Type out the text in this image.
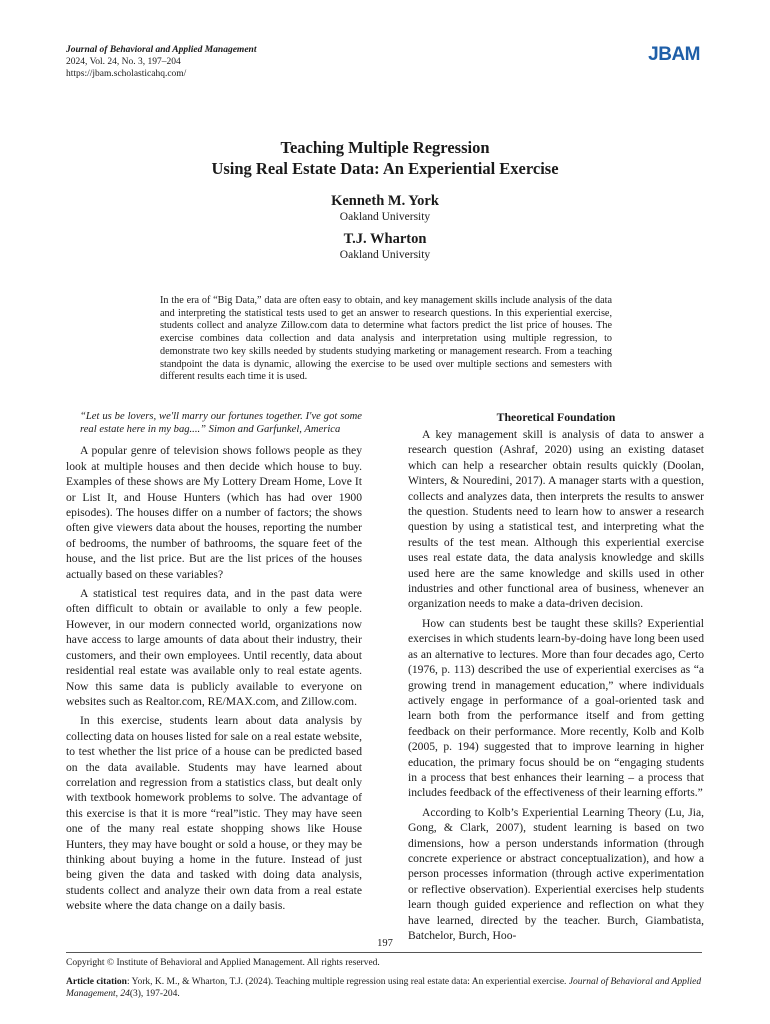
Journal of Behavioral and Applied Management
2024, Vol. 24, No. 3, 197–204
https://jbam.scholasticahq.com/
JBAM
Teaching Multiple Regression
Using Real Estate Data: An Experiential Exercise
Kenneth M. York
Oakland University
T.J. Wharton
Oakland University
In the era of “Big Data,” data are often easy to obtain, and key management skills include analysis of the data and interpreting the statistical tests used to get an answer to research questions. In this experiential exercise, students collect and analyze Zillow.com data to determine what factors predict the list price of houses. The exercise combines data collection and data analysis and interpretation using multiple regression, to demonstrate two key skills needed by students studying marketing or management research. From a teaching standpoint the data is dynamic, allowing the exercise to be used over multiple sections and semesters with different results each time it is used.
“Let us be lovers, we'll marry our fortunes together. I've got some real estate here in my bag....” Simon and Garfunkel, America

A popular genre of television shows follows people as they look at multiple houses and then decide which house to buy. Examples of these shows are My Lottery Dream Home, Love It or List It, and House Hunters (which has had over 1900 episodes). The houses differ on a number of factors; the shows often give viewers data about the houses, reporting the number of bedrooms, the number of bathrooms, the square feet of the house, and the list price. But are the list prices of the houses actually based on these variables?

A statistical test requires data, and in the past data were often difficult to obtain or available to only a few people. However, in our modern connected world, organizations now have access to large amounts of data about their industry, their customers, and their own employees. Until recently, data about residential real estate was available only to real estate agents. Now this same data is publicly available to everyone on websites such as Realtor.com, RE/MAX.com, and Zillow.com.

In this exercise, students learn about data analysis by collecting data on houses listed for sale on a real estate website, to test whether the list price of a house can be predicted based on the data available. Students may have learned about correlation and regression from a statistics class, but dealt only with textbook homework problems to solve. The advantage of this exercise is that it is more “real”istic. They may have seen one of the many real estate shopping shows like House Hunters, they may have bought or sold a house, or they may be thinking about buying a home in the future. Instead of just being given the data and tasked with doing data analysis, students collect and analyze their own data from a real estate website where the data change on a daily basis.

Theoretical Foundation

A key management skill is analysis of data to answer a research question (Ashraf, 2020) using an existing dataset which can help a researcher obtain results quickly (Doolan, Winters, & Nouredini, 2017). A manager starts with a question, collects and analyzes data, then interprets the results to answer the question. Students need to learn how to answer a research question by using a statistical test, and interpreting what the results of the test mean. Although this experiential exercise uses real estate data, the data analysis knowledge and skills used here are the same knowledge and skills used in other industries and other functional area of business, whenever an organization needs to make a data-driven decision.

How can students best be taught these skills? Experiential exercises in which students learn-by-doing have long been used as an alternative to lectures. More than four decades ago, Certo (1976, p. 113) described the use of experiential exercises as “a growing trend in management education,” where individuals actively engage in performance of a goal-oriented task and learn both from the performance itself and from getting feedback on their performance. More recently, Kolb and Kolb (2005, p. 194) suggested that to improve learning in higher education, the primary focus should be on “engaging students in a process that best enhances their learning – a process that includes feedback of the effectiveness of their learning efforts.”

According to Kolb’s Experiential Learning Theory (Lu, Jia, Gong, & Clark, 2007), student learning is based on two dimensions, how a person understands information (through concrete experience or abstract conceptualization), and how a person processes information (through active experimentation or reflective observation). Experiential exercises help students learn though guided experience and reflection on what they have learned, directed by the teacher. Burch, Giambatista, Batchelor, Burch, Hoo-

197
Copyright © Institute of Behavioral and Applied Management. All rights reserved.
Article citation: York, K. M., & Wharton, T.J. (2024). Teaching multiple regression using real estate data: An experiential exercise. Journal of Behavioral and Applied Management, 24(3), 197-204.
